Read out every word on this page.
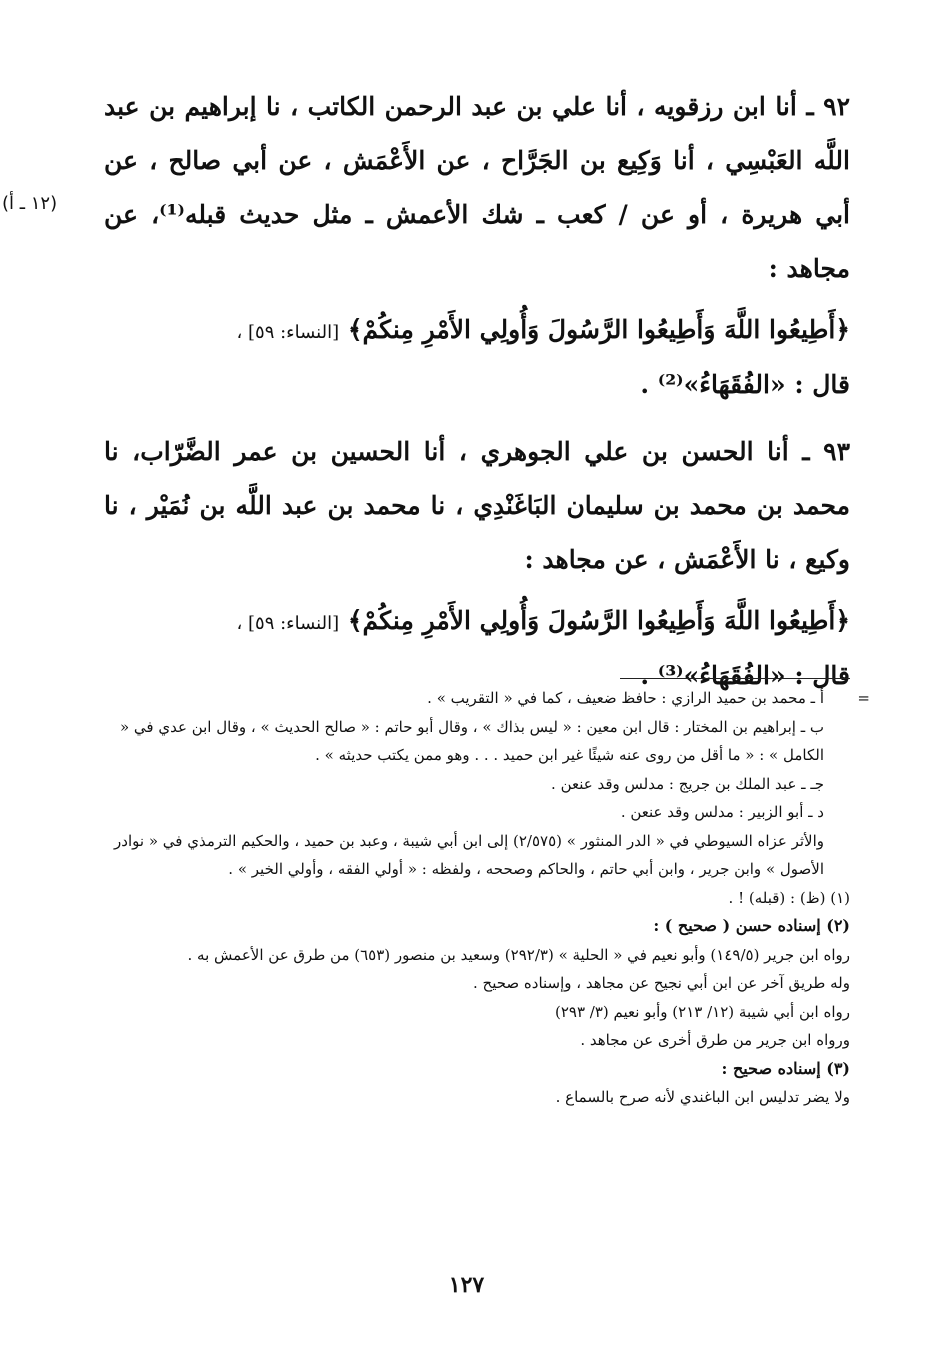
٩٢ ـ أنا ابن رزقويه ، أنا علي بن عبد الرحمن الكاتب ، نا إبراهيم بن عبد اللَّه العَبْسِي ، أنا وَكِيع بن الجَرَّاح ، عن الأَعْمَش ، عن أبي صالح ، عن أبي هريرة ، أو عن / كعب ـ شك الأعمش ـ مثل حديث قبله⁽¹⁾، عن مجاهد :

﴿أَطِيعُوا اللَّهَ وَأَطِيعُوا الرَّسُولَ وَأُولِي الأَمْرِ مِنكُمْ﴾ [النساء: ٥٩] ،
قال : «الفُقَهَاءُ»⁽²⁾ .

٩٣ ـ أنا الحسن بن علي الجوهري ، أنا الحسين بن عمر الضَّرّاب، نا محمد بن محمد بن سليمان البَاغَنْدِي ، نا محمد بن عبد اللَّه بن نُمَيْر ، نا وكيع ، نا الأَعْمَش ، عن مجاهد :

﴿أَطِيعُوا اللَّهَ وَأَطِيعُوا الرَّسُولَ وَأُولِي الأَمْرِ مِنكُمْ﴾ [النساء: ٥٩] ،
قال : «الفُقَهَاءُ»⁽³⁾ .

(١٢ ـ أ)
=

أ ـ محمد بن حميد الرازي : حافظ ضعيف ، كما في « التقريب » .

ب ـ إبراهيم بن المختار : قال ابن معين : « ليس بذاك » ، وقال أبو حاتم : « صالح الحديث » ، وقال ابن عدي في « الكامل » : « ما أقل من روى عنه شيئًا غير ابن حميد . . . وهو ممن يكتب حديثه » .

جـ ـ عبد الملك بن جريج : مدلس وقد عنعن .

د ـ أبو الزبير : مدلس وقد عنعن .

والأثر عزاه السيوطي في « الدر المنثور » (٢/٥٧٥) إلى ابن أبي شيبة ، وعبد بن حميد ، والحكيم الترمذي في « نوادر الأصول » وابن جرير ، وابن أبي حاتم ، والحاكم وصححه ، ولفظه : « أولي الفقه ، وأولي الخير » .

(١) (ظ) : (قبله) ! .

(٢) إسناده حسن ( صحيح ) :

رواه ابن جرير (١٤٩/٥) وأبو نعيم في « الحلية » (٢٩٢/٣) وسعيد بن منصور (٦٥٣) من طرق عن الأعمش به .

وله طريق آخر عن ابن أبي نجيح عن مجاهد ، وإسناده صحيح .

رواه ابن أبي شيبة (١٢/ ٢١٣) وأبو نعيم (٣/ ٢٩٣)

ورواه ابن جرير من طرق أخرى عن مجاهد .

(٣) إسناده صحيح :

ولا يضر تدليس ابن الباغندي لأنه صرح بالسماع .

١٢٧
